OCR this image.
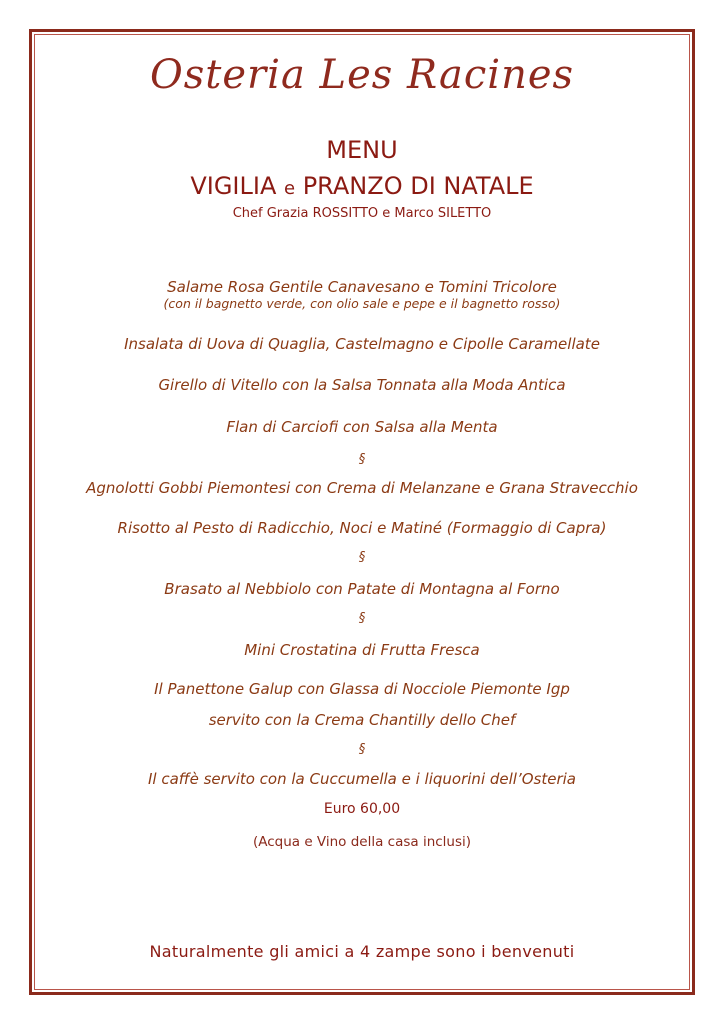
Osteria Les Racines
MENU
VIGILIA e PRANZO DI NATALE
Chef Grazia ROSSITTO e Marco SILETTO
Salame Rosa Gentile Canavesano e Tomini Tricolore
(con il bagnetto verde, con olio sale e pepe e il bagnetto rosso)
Insalata di Uova di Quaglia, Castelmagno e Cipolle Caramellate
Girello di Vitello con la Salsa Tonnata alla Moda Antica
Flan di Carciofi con Salsa alla Menta
§
Agnolotti Gobbi Piemontesi con Crema di Melanzane e Grana Stravecchio
Risotto al Pesto di Radicchio, Noci e Matiné (Formaggio di Capra)
§
Brasato al Nebbiolo con Patate di Montagna al Forno
§
Mini Crostatina di Frutta Fresca
Il Panettone Galup con Glassa di Nocciole Piemonte Igp
servito con la Crema Chantilly dello Chef
§
Il caffè servito con la Cuccumella e i liquorini dell’Osteria
Euro 60,00
(Acqua e Vino della casa inclusi)
Naturalmente gli amici a 4 zampe sono i benvenuti
